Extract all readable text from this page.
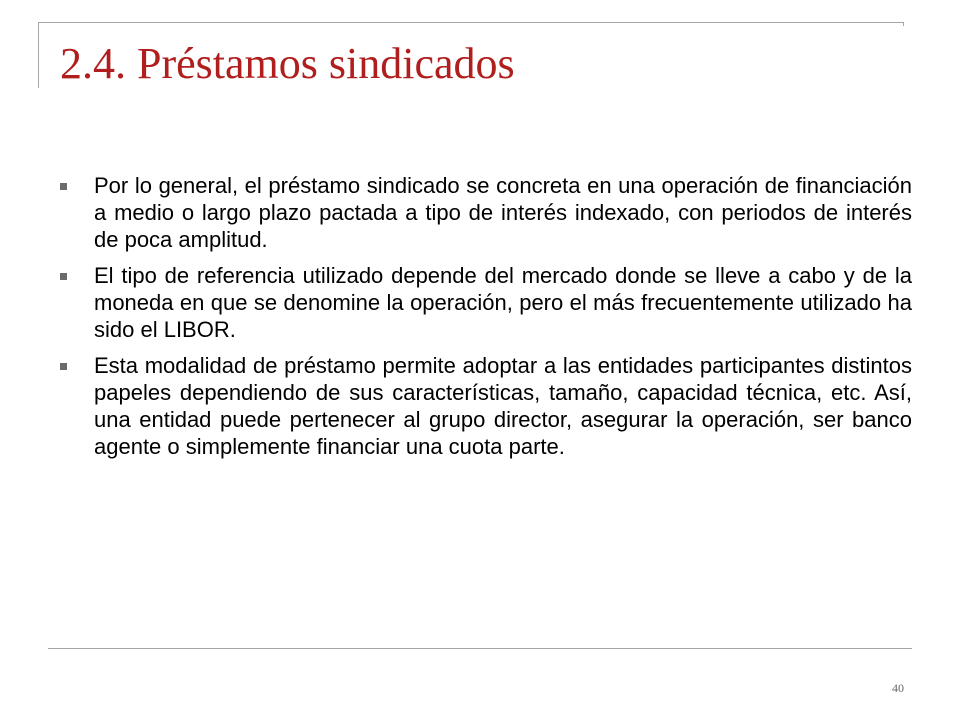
2.4. Préstamos sindicados
Por lo general, el préstamo sindicado se concreta en una operación de financiación a medio o largo plazo pactada a tipo de interés indexado, con periodos de interés de poca amplitud.
El tipo de referencia utilizado depende del mercado donde se lleve a cabo y de la moneda en que se denomine la operación, pero el más frecuentemente utilizado ha sido el LIBOR.
Esta modalidad de préstamo permite adoptar a las entidades participantes distintos papeles dependiendo de sus características, tamaño, capacidad técnica, etc. Así, una entidad puede pertenecer al grupo director, asegurar la operación, ser banco agente o simplemente financiar una cuota parte.
40
